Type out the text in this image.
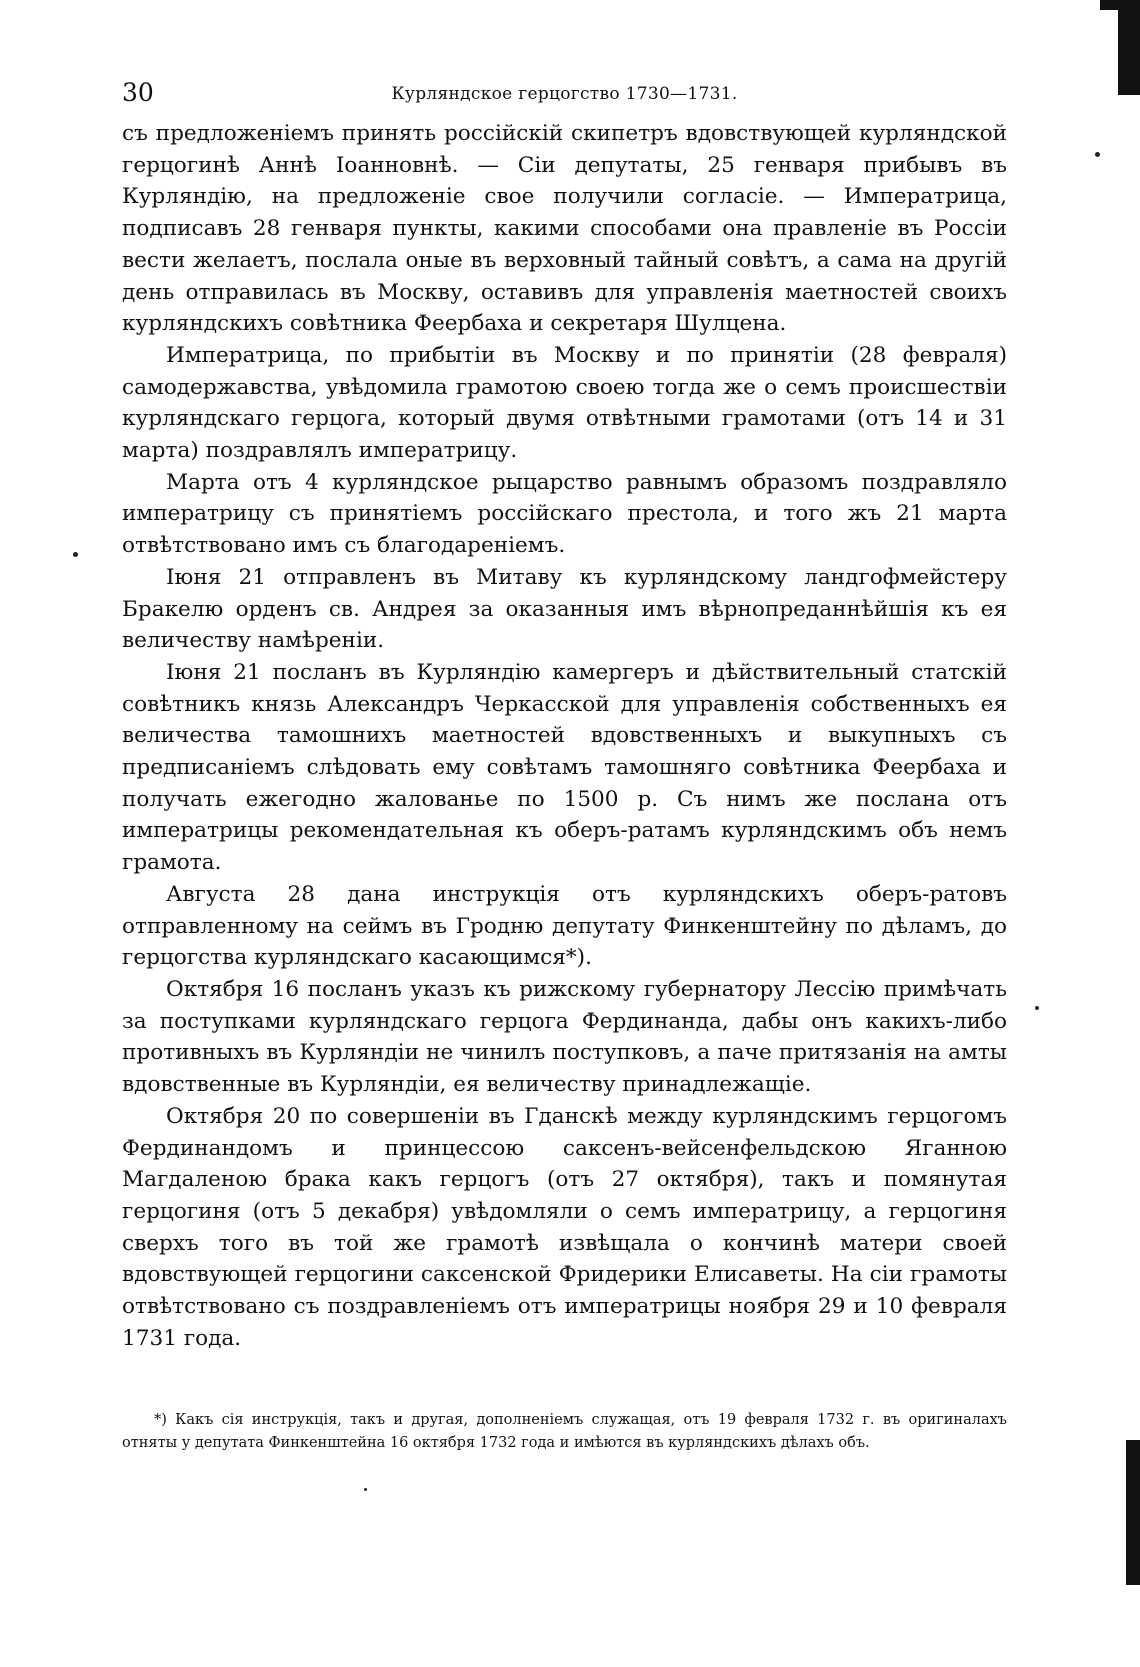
30	Курляндское герцогство 1730—1731.

съ предложенiемъ принять россiйскiй скипетръ вдовствующей курляндской герцогинѣ Аннѣ Iоанновнѣ. — Сiи депутаты, 25 генваря прибывъ въ Курляндiю, на предложенiе свое получили согласiе. — Императрица, подписавъ 28 генваря пункты, какими способами она правленiе въ Россiи вести желаетъ, послала оные въ верховный тайный совѣтъ, а сама на другiй день отправилась въ Москву, оставивъ для управленiя маетностей своихъ курляндскихъ совѣтника Феербаха и секретаря Шулцена.

Императрица, по прибытiи въ Москву и по принятiи (28 февраля) самодержавства, увѣдомила грамотою своею тогда же о семъ происшествiи курляндскаго герцога, который двумя отвѣтными грамотами (отъ 14 и 31 марта) поздравлялъ императрицу.

Марта отъ 4 курляндское рыцарство равнымъ образомъ поздравляло императрицу съ принятiемъ россiйскаго престола, и того жъ 21 марта отвѣтствовано имъ съ благодаренiемъ.

Iюня 21 отправленъ въ Митаву къ курляндскому ландгофмейстеру Бракелю орденъ св. Андрея за оказанныя имъ вѣрнопреданнѣйшiя къ ея величеству намѣренiи.

Iюня 21 посланъ въ Курляндiю камергеръ и дѣйствительный статскiй совѣтникъ князь Александръ Черкасской для управленiя собственныхъ ея величества тамошнихъ маетностей вдовственныхъ и выкупныхъ съ предписанiемъ слѣдовать ему совѣтамъ тамошняго совѣтника Феербаха и получать ежегодно жалованье по 1500 р. Съ нимъ же послана отъ императрицы рекомендательная къ оберъ-ратамъ курляндскимъ объ немъ грамота.

Августа 28 дана инструкцiя отъ курляндскихъ оберъ-ратовъ отправленному на сеймъ въ Гродню депутату Финкенштейну по дѣламъ, до герцогства курляндскаго касающимся*).

Октября 16 посланъ указъ къ рижскому губернатору Лессiю примѣчать за поступками курляндскаго герцога Фердинанда, дабы онъ какихъ-либо противныхъ въ Курляндiи не чинилъ поступковъ, а паче притязанiя на амты вдовственные въ Курляндiи, ея величеству принадлежащiе.

Октября 20 по совершенiи въ Гданскѣ между курляндскимъ герцогомъ Фердинандомъ и принцессою саксенъ-вейсенфельдскою Яганною Магдаленою брака какъ герцогъ (отъ 27 октября), такъ и помянутая герцогиня (отъ 5 декабря) увѣдомляли о семъ императрицу, а герцогиня сверхъ того въ той же грамотѣ извѣщала о кончинѣ матери своей вдовствующей герцогини саксенской Фридерики Елисаветы. На сiи грамоты отвѣтствовано съ поздравленiемъ отъ императрицы ноября 29 и 10 февраля 1731 года.

*) Какъ сiя инструкцiя, такъ и другая, дополненiемъ служащая, отъ 19 февраля 1732 г. въ оригиналахъ отняты у депутата Финкенштейна 16 октября 1732 года и имѣются въ курляндскихъ дѣлахъ объ.
